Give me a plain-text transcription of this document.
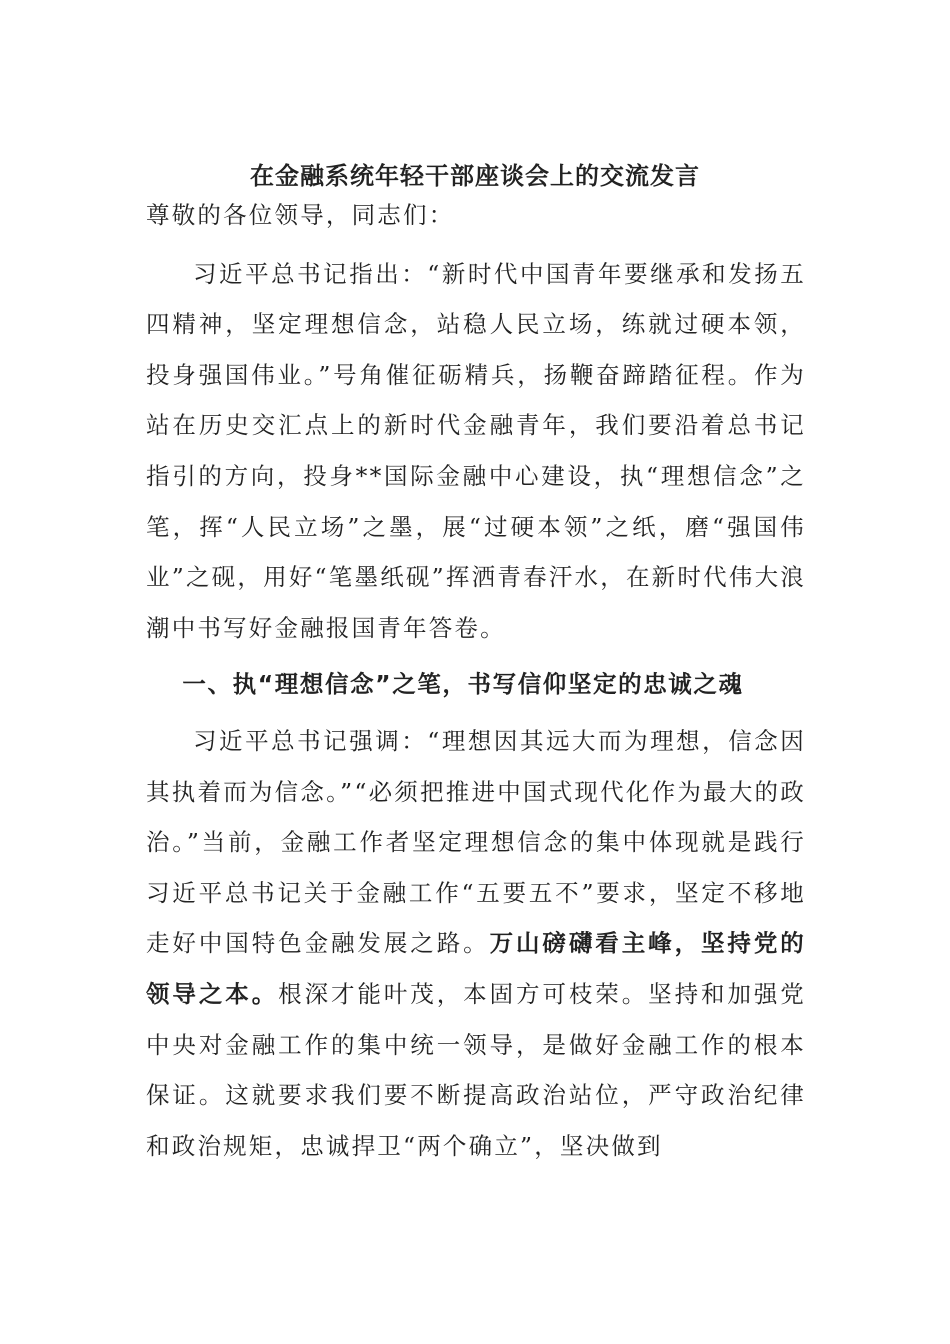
在金融系统年轻干部座谈会上的交流发言

尊敬的各位领导，同志们：

习近平总书记指出：“新时代中国青年要继承和发扬五四精神，坚定理想信念，站稳人民立场，练就过硬本领，投身强国伟业。”号角催征砺精兵，扬鞭奋蹄踏征程。作为站在历史交汇点上的新时代金融青年，我们要沿着总书记指引的方向，投身**国际金融中心建设，执“理想信念”之笔，挥“人民立场”之墨，展“过硬本领”之纸，磨“强国伟业”之砚，用好“笔墨纸砚”挥洒青春汗水，在新时代伟大浪潮中书写好金融报国青年答卷。

一、执“理想信念”之笔，书写信仰坚定的忠诚之魂

习近平总书记强调：“理想因其远大而为理想，信念因其执着而为信念。”“必须把推进中国式现代化作为最大的政治。”当前，金融工作者坚定理想信念的集中体现就是践行习近平总书记关于金融工作“五要五不”要求，坚定不移地走好中国特色金融发展之路。万山磅礴看主峰，坚持党的领导之本。根深才能叶茂，本固方可枝荣。坚持和加强党中央对金融工作的集中统一领导，是做好金融工作的根本保证。这就要求我们要不断提高政治站位，严守政治纪律和政治规矩，忠诚捍卫“两个确立”，坚决做到
